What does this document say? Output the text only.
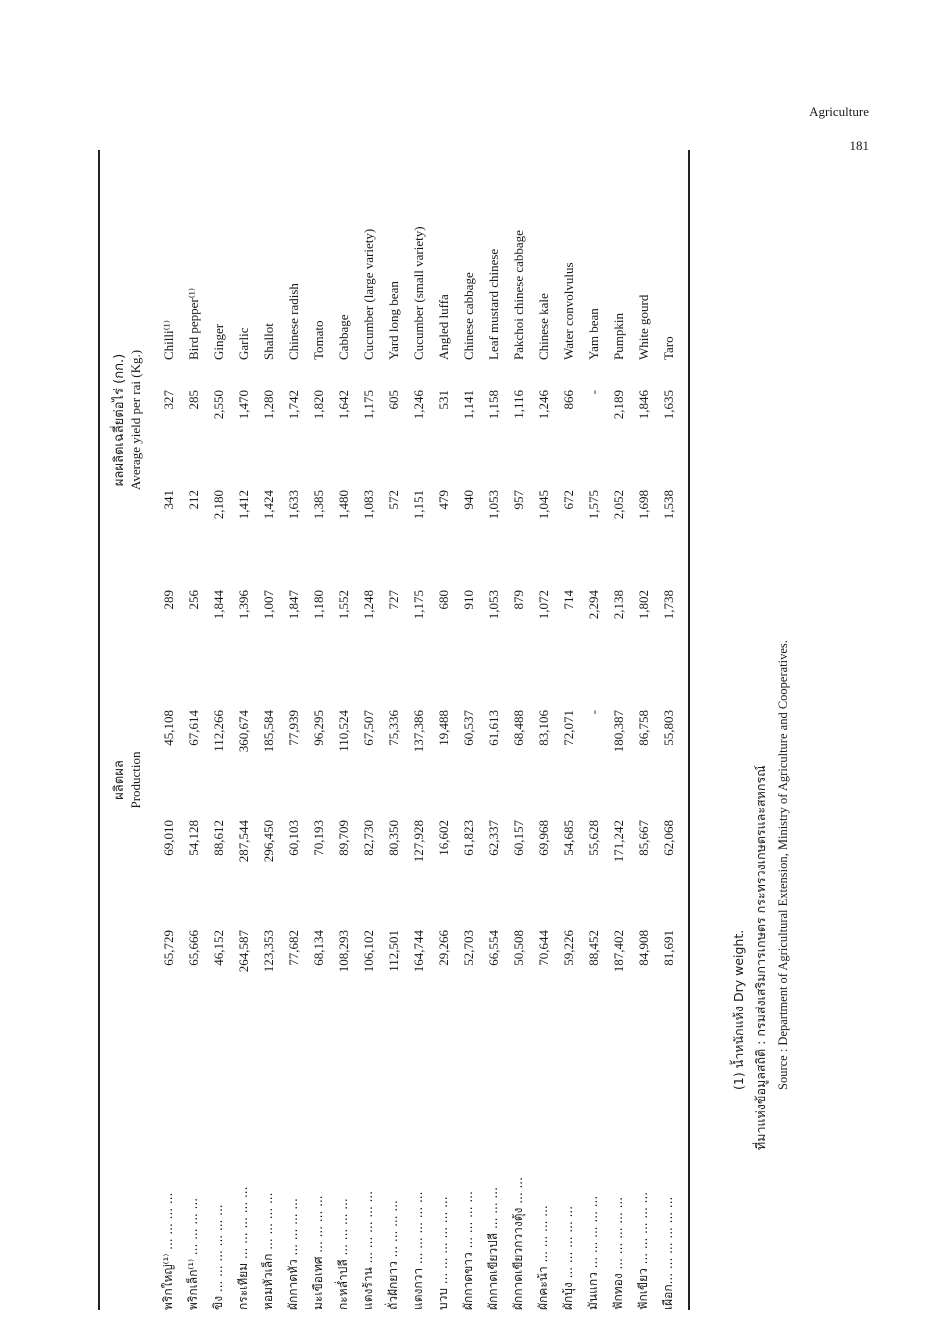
Agriculture
181
ผลิตผล Production
ผลผลิตเฉลี่ยต่อไร่ (กก.) Average yield per rai (Kg.)
พริกใหญ่⁽¹⁾ ... ... ... ...	65,729	69,010	45,108	289	341	327	Chilli⁽¹⁾
พริกเล็ก⁽¹⁾ ... ... ... ...	65,666	54,128	67,614	256	212	285	Bird pepper⁽¹⁾
ขิง ... ... ... ... ... ...	46,152	88,612	112,266	1,844	2,180	2,550	Ginger
กระเทียม ... ... ... ... ...	264,587	287,544	360,674	1,396	1,412	1,470	Garlic
หอมหัวเล็ก ... ... ... ...	123,353	296,450	185,584	1,007	1,424	1,280	Shallot
ผักกาดหัว ... ... ... ...	77,682	60,103	77,939	1,847	1,633	1,742	Chinese radish
มะเขือเทศ ... ... ... ...	68,134	70,193	96,295	1,180	1,385	1,820	Tomato
กะหล่ำปลี ... ... ... ...	108,293	89,709	110,524	1,552	1,480	1,642	Cabbage
แตงร้าน ... ... ... ... ...	106,102	82,730	67,507	1,248	1,083	1,175	Cucumber (large variety)
ถั่วฝักยาว ... ... ... ...	112,501	80,350	75,336	727	572	605	Yard long bean
แตงกวา ... ... ... ... ...	164,744	127,928	137,386	1,175	1,151	1,246	Cucumber (small variety)
บวบ ... ... ... ... ... ...	29,266	16,602	19,488	680	479	531	Angled luffa
ผักกาดขาว ... ... ... ...	52,703	61,823	60,537	910	940	1,141	Chinese cabbage
ผักกาดเขียวปลี ... ... ...	66,554	62,337	61,613	1,053	1,053	1,158	Leaf mustard chinese
ผักกาดเขียวกวางตุ้ง ... ...	50,508	60,157	68,488	879	957	1,116	Pakchoi chinese cabbage
ผักคะน้า ... ... ... ...	70,644	69,968	83,106	1,072	1,045	1,246	Chinese kale
ผักบุ้ง ... ... ... ... ...	59,226	54,685	72,071	714	672	866	Water convolvulus
มันแกว ... ... ... ... ...	88,452	55,628	-	2,294	1,575	-	Yam bean
ฟักทอง ... ... ... ... ...	187,402	171,242	180,387	2,138	2,052	2,189	Pumpkin
ฟักเขียว ... ... ... ... ...	84,908	85,667	86,758	1,802	1,698	1,846	White gourd
เผือก... ... ... ... ... ...	81,691	62,068	55,803	1,738	1,538	1,635	Taro
(1) น้ำหนักแห้ง Dry weight. ที่มาแห่งข้อมูลสถิติ : กรมส่งเสริมการเกษตร กระทรวงเกษตรและสหกรณ์ Source : Department of Agricultural Extension, Ministry of Agriculture and Cooperatives.
